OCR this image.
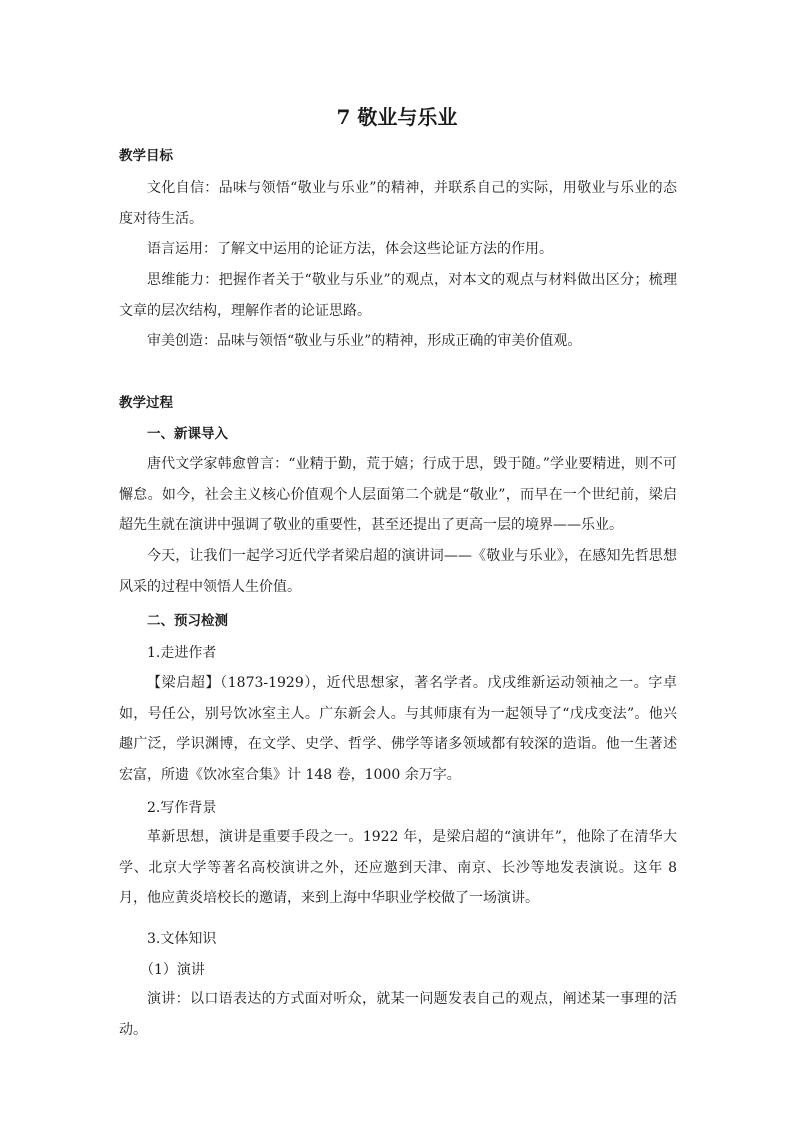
7 敬业与乐业
教学目标
文化自信：品味与领悟“敬业与乐业”的精神，并联系自己的实际，用敬业与乐业的态度对待生活。
语言运用：了解文中运用的论证方法，体会这些论证方法的作用。
思维能力：把握作者关于“敬业与乐业”的观点，对本文的观点与材料做出区分；梳理文章的层次结构，理解作者的论证思路。
审美创造：品味与领悟“敬业与乐业”的精神，形成正确的审美价值观。
教学过程
一、新课导入
唐代文学家韩愈曾言：“业精于勤，荒于嬉；行成于思，毁于随。”学业要精进，则不可懈怠。如今，社会主义核心价值观个人层面第二个就是“敬业”，而早在一个世纪前，梁启超先生就在演讲中强调了敬业的重要性，甚至还提出了更高一层的境界——乐业。
今天，让我们一起学习近代学者梁启超的演讲词——《敬业与乐业》，在感知先哲思想风采的过程中领悟人生价值。
二、预习检测
1.走进作者
【梁启超】（1873-1929），近代思想家，著名学者。戊戌维新运动领袖之一。字卓如，号任公，别号饮冰室主人。广东新会人。与其师康有为一起领导了“戊戌变法”。他兴趣广泛，学识渊博，在文学、史学、哲学、佛学等诸多领域都有较深的造诣。他一生著述宏富，所遗《饮冰室合集》计 148 卷，1000 余万字。
2.写作背景
革新思想，演讲是重要手段之一。1922 年，是梁启超的“演讲年”，他除了在清华大学、北京大学等著名高校演讲之外，还应邀到天津、南京、长沙等地发表演说。这年 8 月，他应黄炎培校长的邀请，来到上海中华职业学校做了一场演讲。
3.文体知识
（1）演讲
演讲：以口语表达的方式面对听众，就某一问题发表自己的观点，阐述某一事理的活动。
